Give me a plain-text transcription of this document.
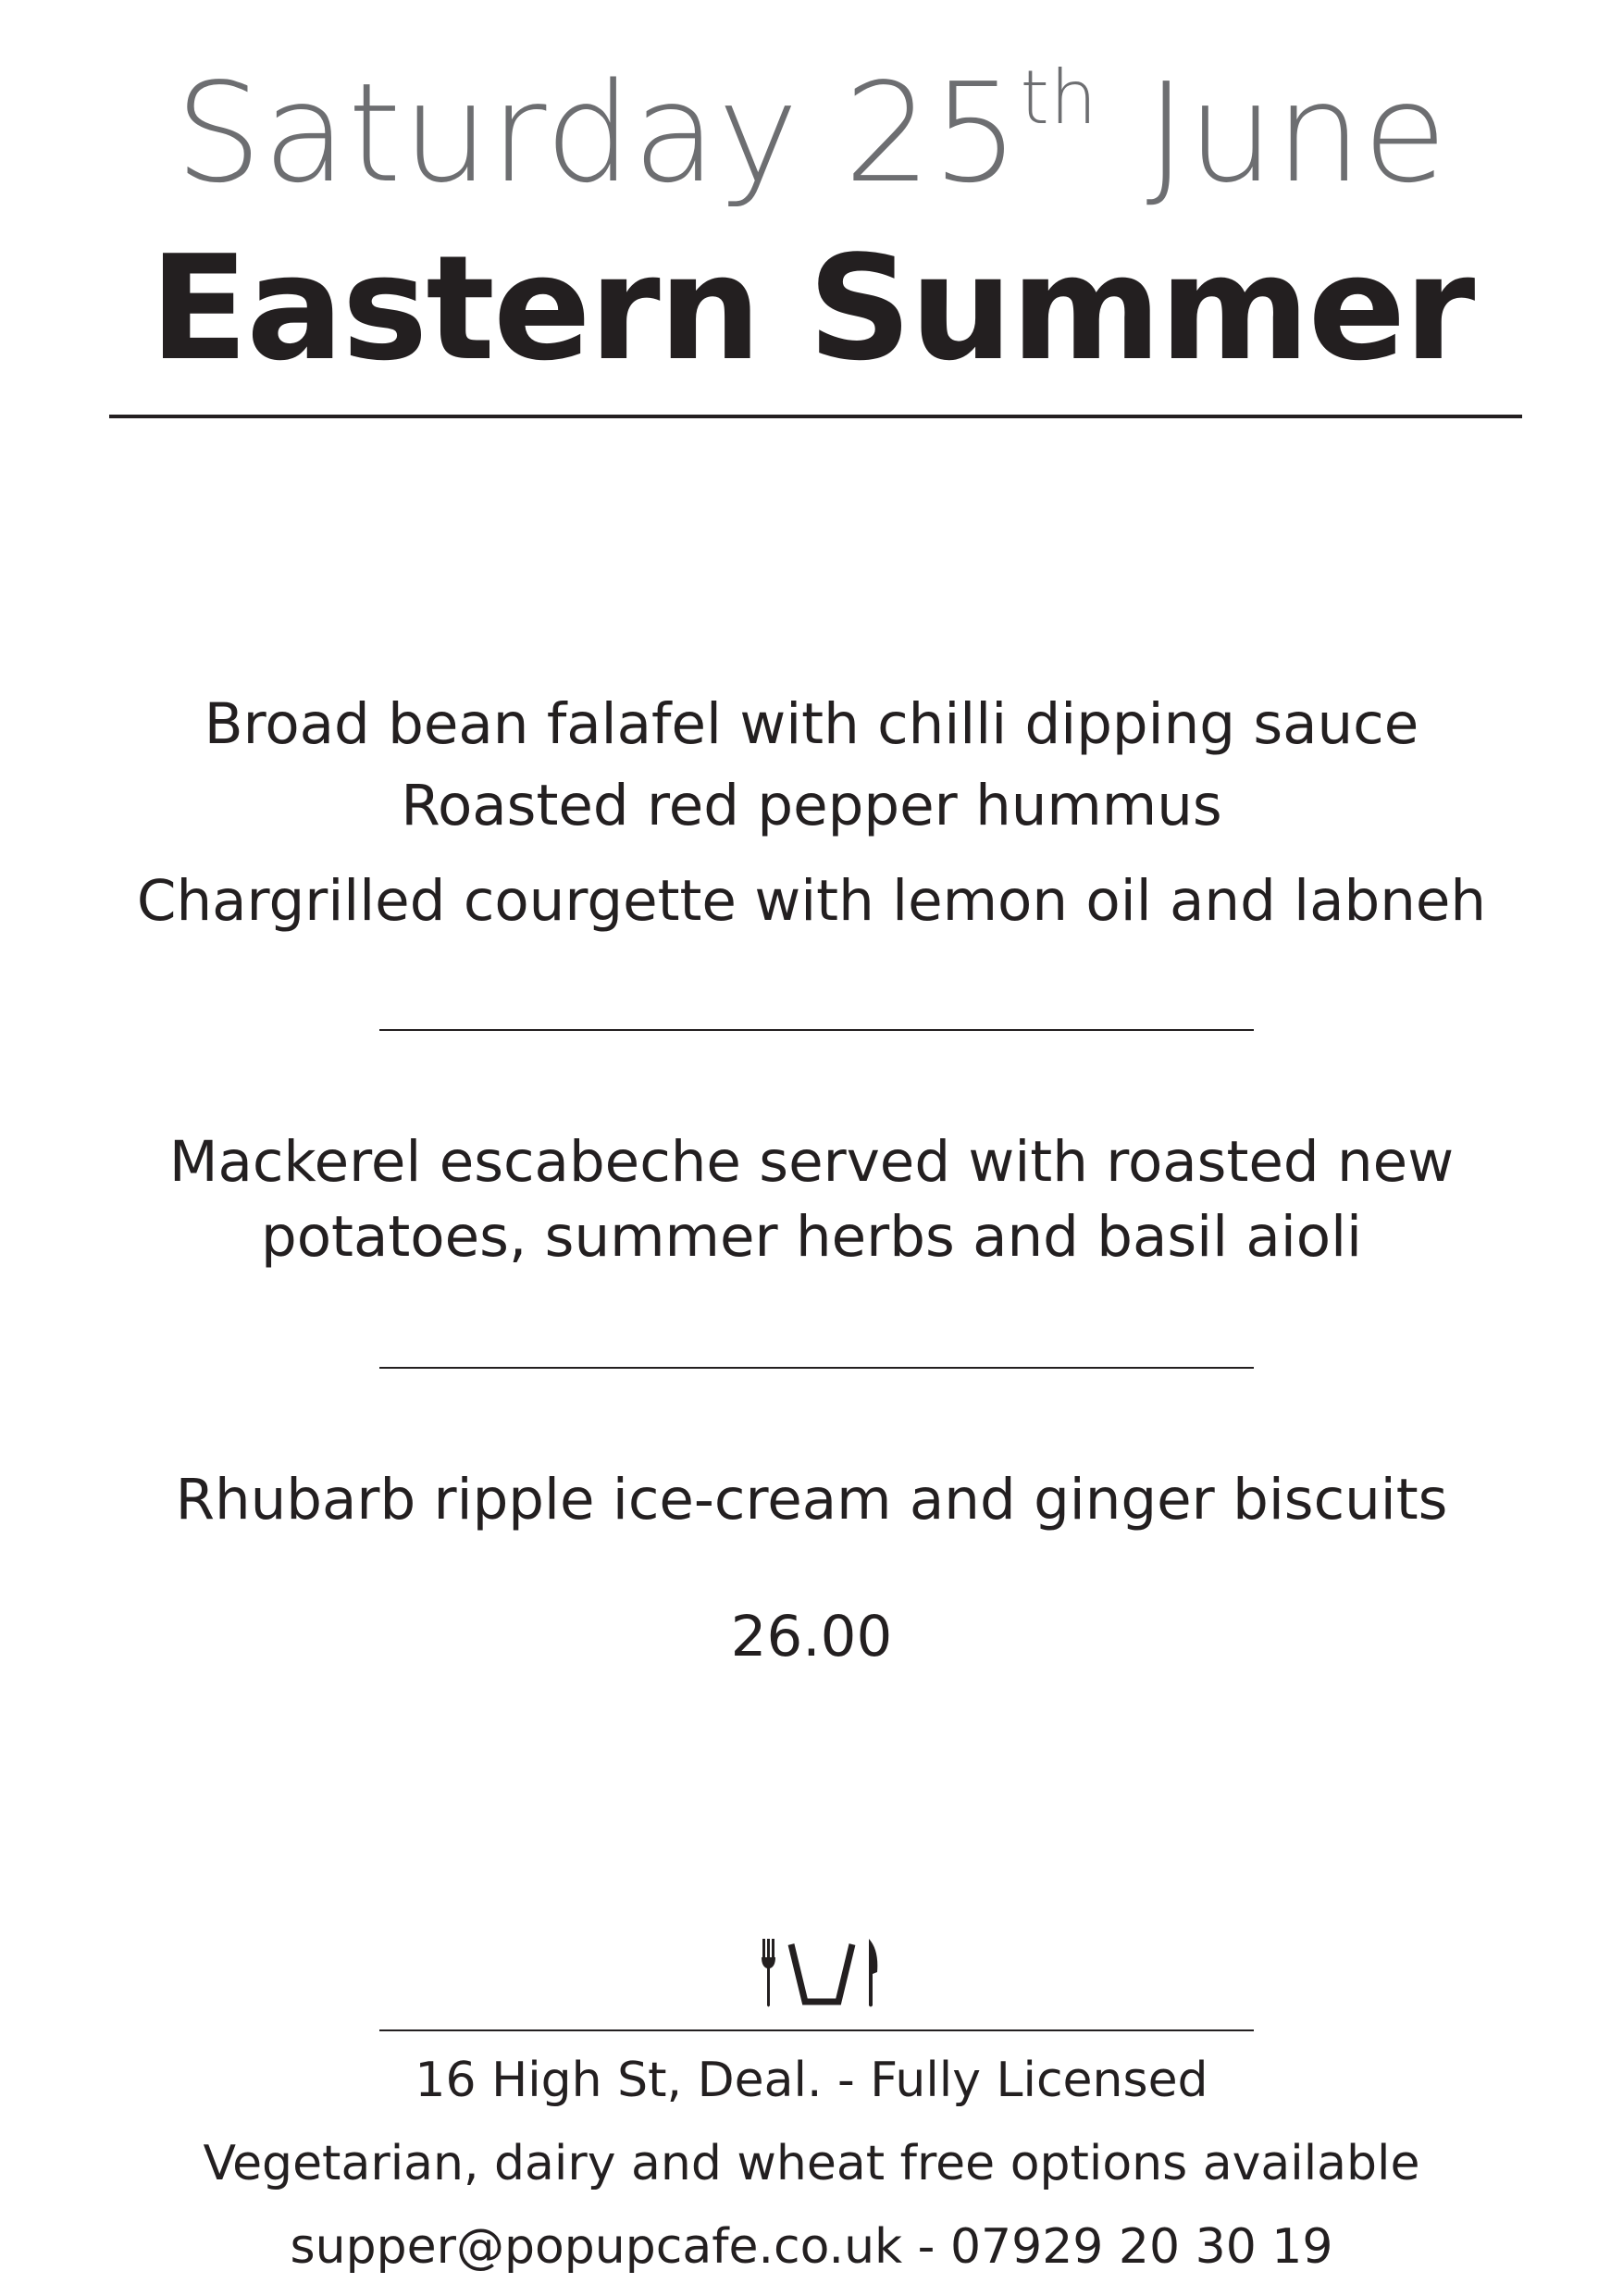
Saturday 25th June
Eastern Summer
Broad bean falafel with chilli dipping sauce
Roasted red pepper hummus
Chargrilled courgette with lemon oil and labneh
Mackerel escabeche served with roasted new
potatoes, summer herbs and basil aioli
Rhubarb ripple ice-cream and ginger biscuits
26.00
16 High St, Deal. - Fully Licensed
Vegetarian, dairy and wheat free options available
supper@popupcafe.co.uk - 07929 20 30 19
